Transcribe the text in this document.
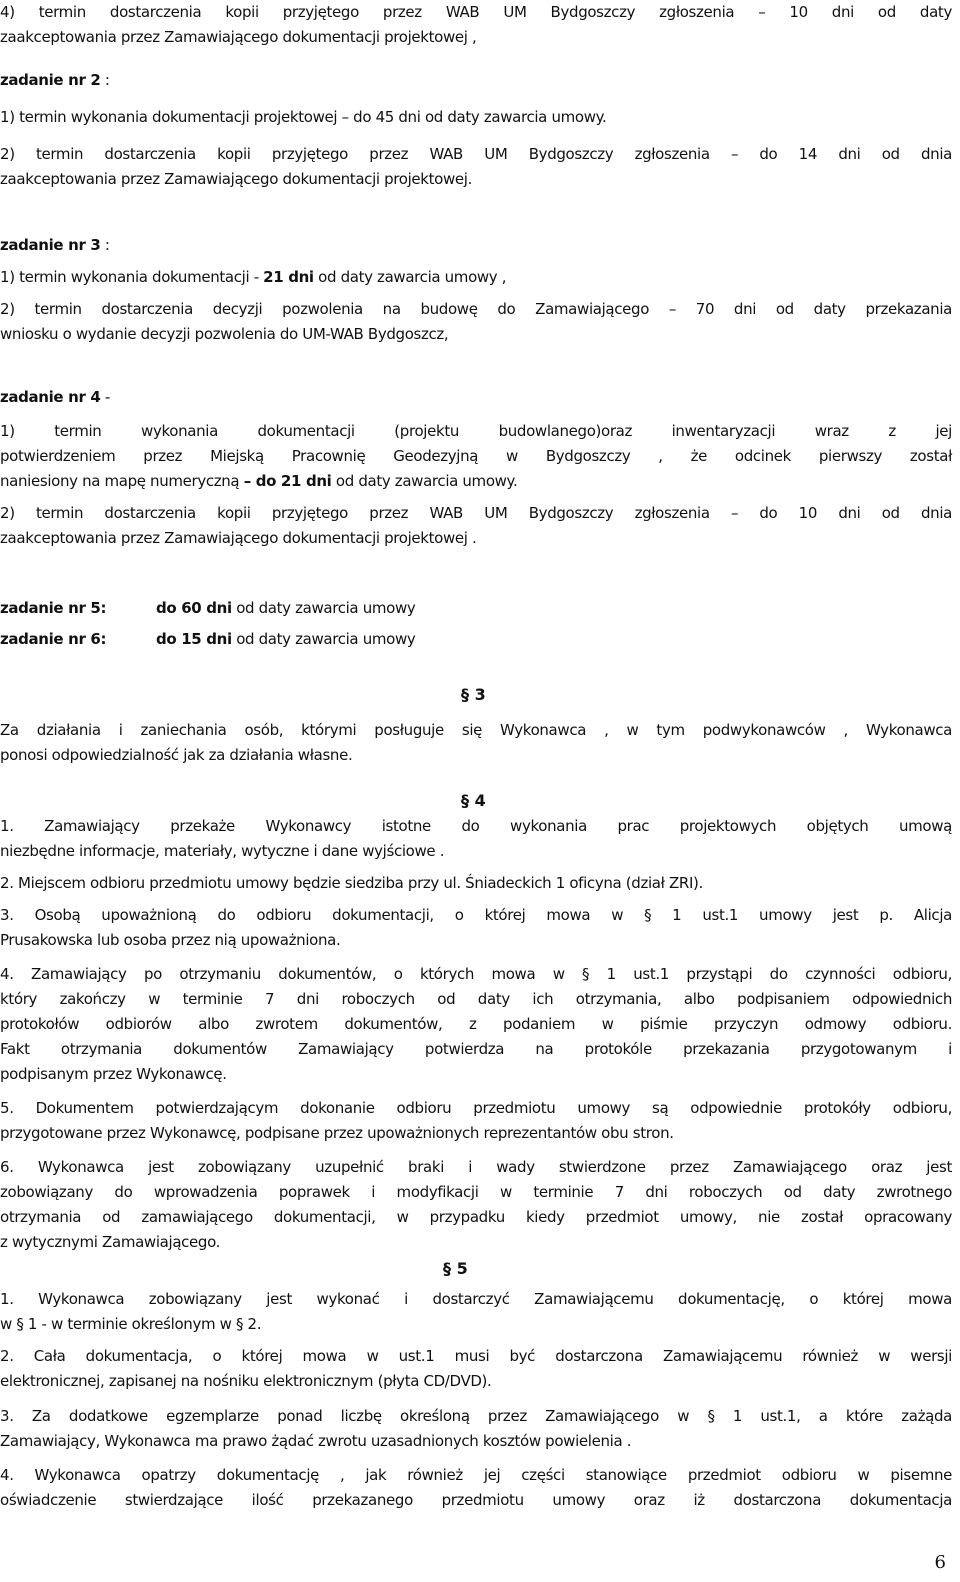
4) termin dostarczenia kopii przyjętego przez WAB UM Bydgoszczy zgłoszenia – 10 dni od daty
zaakceptowania przez Zamawiającego dokumentacji projektowej ,
zadanie nr 2 :
1) termin wykonania dokumentacji projektowej – do 45 dni od daty zawarcia umowy.
2) termin dostarczenia kopii przyjętego przez WAB UM Bydgoszczy zgłoszenia – do 14 dni od dnia
zaakceptowania przez Zamawiającego dokumentacji projektowej.
zadanie nr 3 :
1) termin wykonania dokumentacji - 21 dni od daty zawarcia umowy ,
2) termin dostarczenia decyzji pozwolenia na budowę do Zamawiającego – 70 dni od daty przekazania
wniosku o wydanie decyzji pozwolenia do UM-WAB Bydgoszcz,
zadanie nr 4 -
1) termin wykonania dokumentacji (projektu budowlanego)oraz inwentaryzacji wraz z jej
potwierdzeniem przez Miejską Pracownię Geodezyjną w Bydgoszczy , że odcinek pierwszy został
naniesiony na mapę numeryczną – do 21 dni od daty zawarcia umowy.
2) termin dostarczenia kopii przyjętego przez WAB UM Bydgoszczy zgłoszenia – do 10 dni od dnia
zaakceptowania przez Zamawiającego dokumentacji projektowej .
zadanie nr 5:	do 60 dni od daty zawarcia umowy
zadanie nr 6:	do 15 dni od daty zawarcia umowy
§ 3
Za działania i zaniechania osób, którymi posługuje się Wykonawca , w tym podwykonawców , Wykonawca
ponosi odpowiedzialność jak za działania własne.
§ 4
1. Zamawiający przekaże Wykonawcy istotne do wykonania prac projektowych objętych umową
niezbędne informacje, materiały, wytyczne i dane wyjściowe .
2. Miejscem odbioru przedmiotu umowy będzie siedziba przy ul. Śniadeckich 1 oficyna (dział ZRI).
3. Osobą upoważnioną do odbioru dokumentacji, o której mowa w § 1 ust.1 umowy jest p. Alicja
Prusakowska lub osoba przez nią upoważniona.
4. Zamawiający po otrzymaniu dokumentów, o których mowa w § 1 ust.1 przystąpi do czynności odbioru,
który zakończy w terminie 7 dni roboczych od daty ich otrzymania, albo podpisaniem odpowiednich
protokołów odbiorów albo zwrotem dokumentów, z podaniem w piśmie przyczyn odmowy odbioru.
Fakt otrzymania dokumentów Zamawiający potwierdza na protokóle przekazania przygotowanym i
podpisanym przez Wykonawcę.
5. Dokumentem potwierdzającym dokonanie odbioru przedmiotu umowy są odpowiednie protokóły odbioru,
przygotowane przez Wykonawcę, podpisane przez upoważnionych reprezentantów obu stron.
6. Wykonawca jest zobowiązany uzupełnić braki i wady stwierdzone przez Zamawiającego oraz jest
zobowiązany do wprowadzenia poprawek i modyfikacji w terminie 7 dni roboczych od daty zwrotnego
otrzymania od zamawiającego dokumentacji, w przypadku kiedy przedmiot umowy, nie został opracowany
z wytycznymi Zamawiającego.
§ 5
1. Wykonawca zobowiązany jest wykonać i dostarczyć Zamawiającemu dokumentację, o której mowa
w § 1 - w terminie określonym w § 2.
2. Cała dokumentacja, o której mowa w ust.1 musi być dostarczona Zamawiającemu również w wersji
elektronicznej, zapisanej na nośniku elektronicznym (płyta CD/DVD).
3. Za dodatkowe egzemplarze ponad liczbę określoną przez Zamawiającego w § 1 ust.1, a które zażąda
Zamawiający, Wykonawca ma prawo żądać zwrotu uzasadnionych kosztów powielenia .
4. Wykonawca opatrzy dokumentację , jak również jej części stanowiące przedmiot odbioru w pisemne
oświadczenie stwierdzające ilość przekazanego przedmiotu umowy oraz iż dostarczona dokumentacja
6
